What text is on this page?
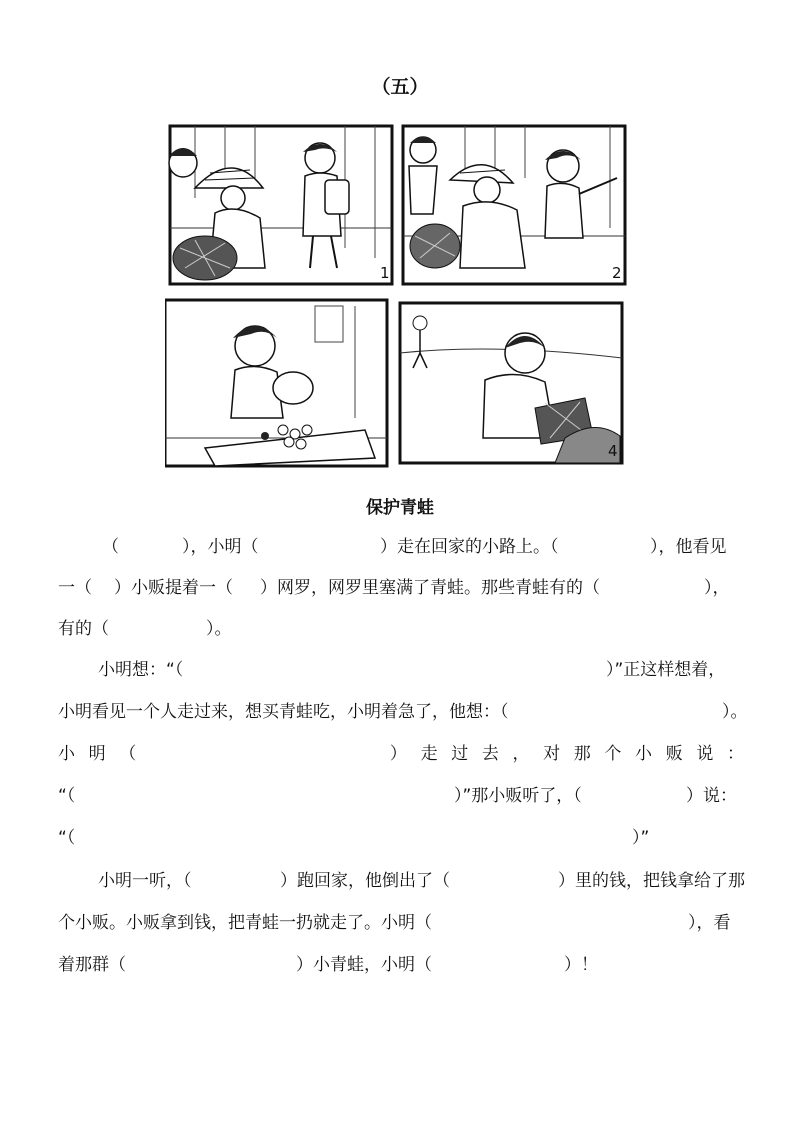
（五）
1	2
4
保护青蛙
（	），小明（	）走在回家的小路上。（	），他看见
一（ ）小贩提着一（ ）网罗，网罗里塞满了青蛙。那些青蛙有的（	），
有的（	）。
小明想：“（	）”正这样想着，
小明看见一个人走过来，想买青蛙吃，小明着急了，他想：（	）。
小 明 （	） 走 过 去 ， 对 那 个 小 贩 说 ：
“（	）”那小贩听了，（	）说：
“（	）”
小明一听，（	）跑回家，他倒出了（	）里的钱，把钱拿给了那
个小贩。小贩拿到钱，把青蛙一扔就走了。小明（	），看
着那群（	）小青蛙，小明（	）！
